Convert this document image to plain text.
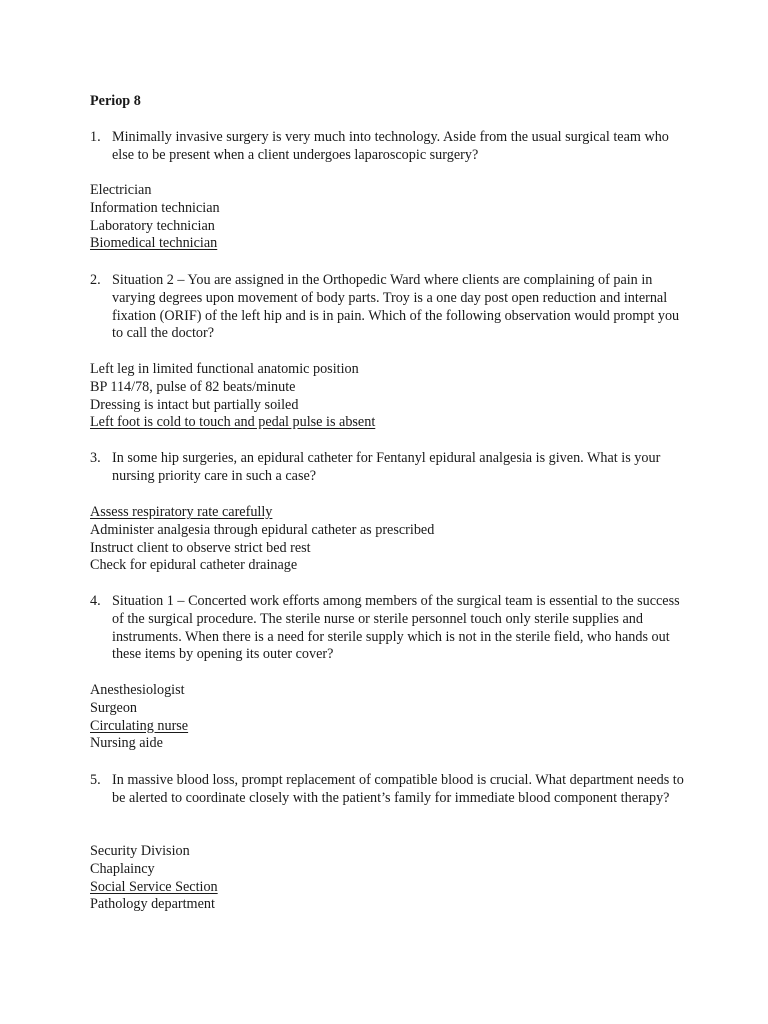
Periop 8
1. Minimally invasive surgery is very much into technology. Aside from the usual surgical team who else to be present when a client undergoes laparoscopic surgery?
Electrician
Information technician
Laboratory technician
Biomedical technician
2. Situation 2 – You are assigned in the Orthopedic Ward where clients are complaining of pain in varying degrees upon movement of body parts. Troy is a one day post open reduction and internal fixation (ORIF) of the left hip and is in pain. Which of the following observation would prompt you to call the doctor?
Left leg in limited functional anatomic position
BP 114/78, pulse of 82 beats/minute
Dressing is intact but partially soiled
Left foot is cold to touch and pedal pulse is absent
3. In some hip surgeries, an epidural catheter for Fentanyl epidural analgesia is given. What is your nursing priority care in such a case?
Assess respiratory rate carefully
Administer analgesia through epidural catheter as prescribed
Instruct client to observe strict bed rest
Check for epidural catheter drainage
4. Situation 1 – Concerted work efforts among members of the surgical team is essential to the success of the surgical procedure. The sterile nurse or sterile personnel touch only sterile supplies and instruments. When there is a need for sterile supply which is not in the sterile field, who hands out these items by opening its outer cover?
Anesthesiologist
Surgeon
Circulating nurse
Nursing aide
5. In massive blood loss, prompt replacement of compatible blood is crucial. What department needs to be alerted to coordinate closely with the patient’s family for immediate blood component therapy?
Security Division
Chaplaincy
Social Service Section
Pathology department
